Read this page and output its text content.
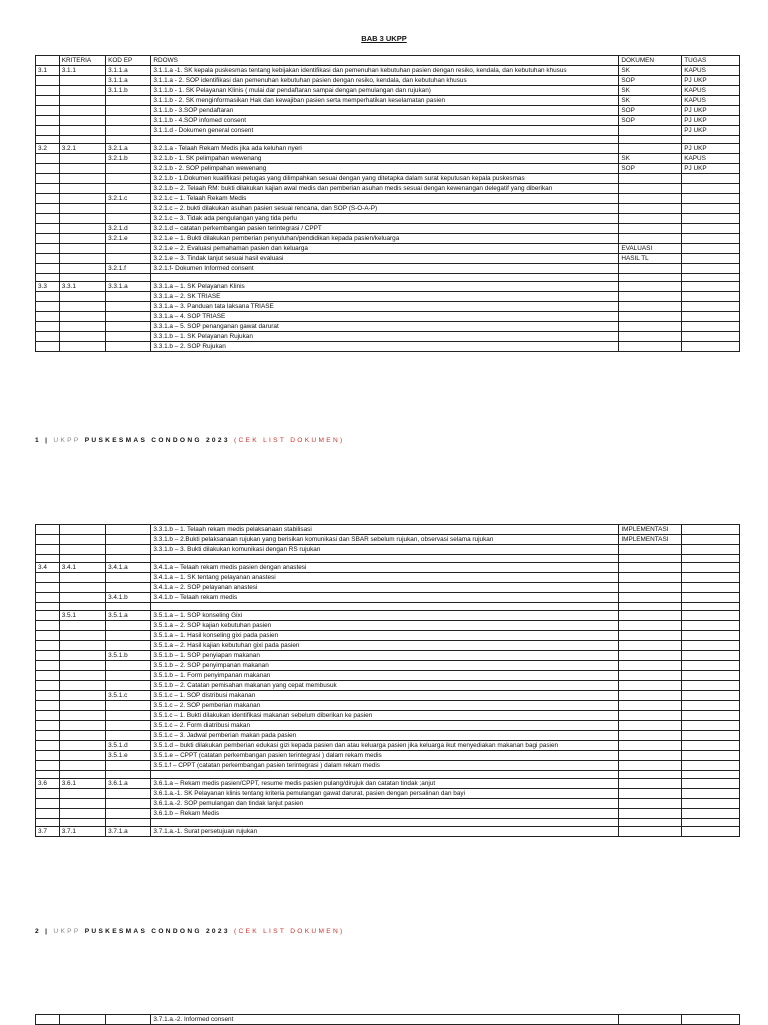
BAB 3 UKPP
	KRITERIA	KOD EP	RDOWS	DOKUMEN	TUGAS
3.1	3.1.1	3.1.1.a	3.1.1.a -1. SK kepala puskesmas tentang kebijakan identifikasi dan pemenuhan kebutuhan pasien dengan resiko, kendala, dan kebutuhan khusus	SK	KAPUS
		3.1.1.a	3.1.1.a - 2. SOP identifikasi dan pemenuhan kebutuhan pasien dengan resiko, kendala, dan kebutuhan khusus	SOP	PJ UKP
		3.1.1.b	3.1.1.b - 1. SK Pelayanan Klinis ( mulai dar pendaftaran sampai dengan pemulangan dan rujukan)	SK	KAPUS
			3.1.1.b - 2. SK menginformasikan Hak dan kewajiban pasien serta memperhatikan keselamatan pasien	SK	KAPUS
			3.1.1.b - 3.SOP pendaftaran	SOP	PJ UKP
			3.1.1.b - 4.SOP infomed consent	SOP	PJ UKP
			3.1.1.d - Dokumen general consent		PJ UKP

3.2	3.2.1	3.2.1.a	3.2.1.a - Telaah Rekam Medis jika ada keluhan nyeri		PJ UKP
		3.2.1.b	3.2.1.b - 1. SK pelimpahan wewenang	SK	KAPUS
			3.2.1.b - 2. SOP pelimpahan wewenang	SOP	PJ UKP
			3.2.1.b - 1.Dokumen kualifikasi petugas yang dilimpahkan sesuai dengan yang ditetapka dalam surat keputusan kepala puskesmas		
			3.2.1.b – 2. Telaah RM: bukti dilakukan kajian awal medis dan pemberian asuhan medis sesuai dengan kewenangan delegatif yang diberikan		
		3.2.1.c	3.2.1.c – 1. Telaah Rekam Medis		
			3.2.1.c – 2. bukti dilakukan asuhan pasien sesuai rencana, dan SOP (S-O-A-P)		
			3.2.1.c – 3. Tidak ada pengulangan yang tida perlu		
		3.2.1.d	3.2.1.d – catatan perkembangan pasien terintegrasi / CPPT		
		3.2.1.e	3.2.1.e – 1. Bukti dilakukan pemberian penyuluhan/pendidikan kepada pasien/keluarga		
			3.2.1.e – 2. Evaluasi pemahaman pasien dan keluarga	EVALUASI	
			3.2.1.e – 3. Tindak lanjut sesuai hasil evaluasi	HASIL TL	
		3.2.1.f	3.2.1.f- Dokumen Informed consent		

3.3	3.3.1	3.3.1.a	3.3.1.a – 1. SK Pelayanan Klinis		
			3.3.1.a – 2. SK TRIASE		
			3.3.1.a – 3. Panduan tata laksana TRIASE		
			3.3.1.a – 4. SOP TRIASE		
			3.3.1.a – 5. SOP penanganan gawat darurat		
			3.3.1.b – 1. SK Pelayanan Rujukan		
			3.3.1.b – 2. SOP Rujukan		
1 | UKPP PUSKESMAS CONDONG 2023 (CEK LIST DOKUMEN)
			3.3.1.b – 1. Telaah rekam medis pelaksanaan stabilisasi	IMPLEMENTASI	
			3.3.1.b – 2.Bukti pelaksanaan rujukan yang berisikan komunikasi dan SBAR sebelum rujukan, observasi selama rujukan	IMPLEMENTASI	
			3.3.1.b – 3. Bukti dilakukan komunikasi dengan RS rujukan		

3.4	3.4.1	3.4.1.a	3.4.1.a – Telaah rekam medis pasien dengan anastesi		
			3.4.1.a – 1. SK tentang pelayanan anastesi		
			3.4.1.a – 2. SOP pelayanan anastesi		
		3.4.1.b	3.4.1.b – Telaah rekam medis		

	3.5.1	3.5.1.a	3.5.1.a – 1. SOP konseling Gixi		
			3.5.1.a – 2. SOP kajian kebutuhan pasien		
			3.5.1.a – 1. Hasil konseling gixi pada pasien		
			3.5.1.a – 2. Hasil kajian kebutuhan gixi pada pasien		
		3.5.1.b	3.5.1.b – 1. SOP penyiapan makanan		
			3.5.1.b – 2. SOP penyimpanan makanan		
			3.5.1.b – 1. Form penyimpanan makanan		
			3.5.1.b – 2. Catatan pemisahan makanan yang cepat membusuk		
		3.5.1.c	3.5.1.c – 1. SOP distribusi makanan		
			3.5.1.c – 2. SOP pemberian makanan		
			3.5.1.c – 1. Bukti dilakukan identifikasi makanan sebelum diberikan ke pasien		
			3.5.1.c – 2. Form diatribusi makan		
			3.5.1.c – 3. Jadwal pemberian makan pada pasien		
		3.5.1.d	3.5.1.d – bukti dilakukan pemberian edukasi gizi kepada pasien dan atau keluarga pasien jika keluarga ikut menyediakan makanan bagi pasien		
		3.5.1.e	3.5.1.e – CPPT (catatan perkembangan pasien terintegrasi ) dalam rekam medis		
			3.5.1.f – CPPT (catatan perkembangan pasien terintegrasi ) dalam rekam medis		

3.6	3.6.1	3.6.1.a	3.6.1.a – Rekam medis pasien/CPPT, resume medis pasien pulang/dirujuk dan catatan tindak ;anjut		
			3.6.1.a.-1. SK Pelayanan klinis tentang kriteria pemulangan gawat darurat, pasien dengan persalinan dan bayi		
			3.6.1.a.-2. SOP pemulangan dan tindak lanjut pasien		
			3.6.1.b – Rekam Medis		

3.7	3.7.1	3.7.1.a	3.7.1.a.-1. Surat persetujuan rujukan		
2 | UKPP PUSKESMAS CONDONG 2023 (CEK LIST DOKUMEN)
			3.7.1.a.-2. Informed consent		
